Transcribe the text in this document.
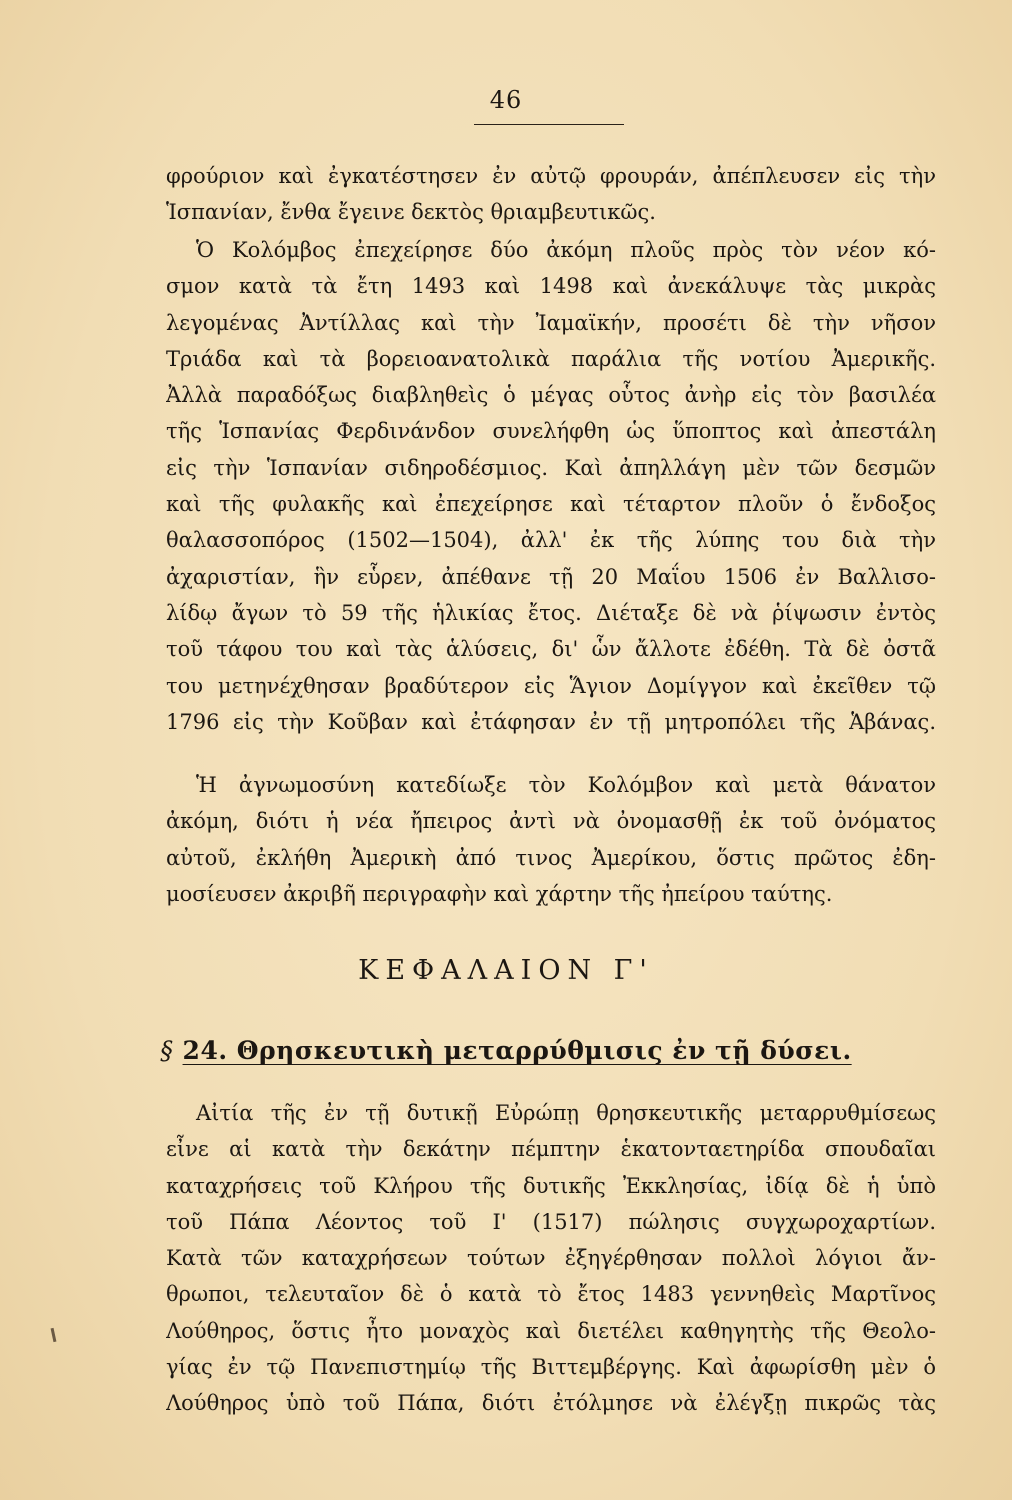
46
φρούριον καὶ ἐγκατέστησεν ἐν αὐτῷ φρουράν, ἀπέπλευσεν εἰς τὴν
Ἱσπανίαν, ἔνθα ἔγεινε δεκτὸς θριαμβευτικῶς.
Ὁ Κολόμβος ἐπεχείρησε δύο ἀκόμη πλοῦς πρὸς τὸν νέον κό-
σμον κατὰ τὰ ἔτη 1493 καὶ 1498 καὶ ἀνεκάλυψε τὰς μικρὰς
λεγομένας Ἀντίλλας καὶ τὴν Ἰαμαϊκήν, προσέτι δὲ τὴν νῆσον
Τριάδα καὶ τὰ βορειοανατολικὰ παράλια τῆς νοτίου Ἀμερικῆς.
Ἀλλὰ παραδόξως διαβληθεὶς ὁ μέγας οὗτος ἀνὴρ εἰς τὸν βασιλέα
τῆς Ἱσπανίας Φερδινάνδον συνελήφθη ὡς ὕποπτος καὶ ἀπεστάλη
εἰς τὴν Ἱσπανίαν σιδηροδέσμιος. Καὶ ἀπηλλάγη μὲν τῶν δεσμῶν
καὶ τῆς φυλακῆς καὶ ἐπεχείρησε καὶ τέταρτον πλοῦν ὁ ἔνδοξος
θαλασσοπόρος (1502—1504), ἀλλ' ἐκ τῆς λύπης του διὰ τὴν
ἀχαριστίαν, ἣν εὗρεν, ἀπέθανε τῇ 20 Μαΐου 1506 ἐν Βαλλισο-
λίδῳ ἄγων τὸ 59 τῆς ἡλικίας ἔτος. Διέταξε δὲ νὰ ῥίψωσιν ἐντὸς
τοῦ τάφου του καὶ τὰς ἁλύσεις, δι' ὧν ἄλλοτε ἐδέθη. Τὰ δὲ ὀστᾶ
του μετηνέχθησαν βραδύτερον εἰς Ἅγιον Δομίγγον καὶ ἐκεῖθεν τῷ
1796 εἰς τὴν Κοῦβαν καὶ ἐτάφησαν ἐν τῇ μητροπόλει τῆς Ἁβάνας.
Ἡ ἀγνωμοσύνη κατεδίωξε τὸν Κολόμβον καὶ μετὰ θάνατον
ἀκόμη, διότι ἡ νέα ἤπειρος ἀντὶ νὰ ὀνομασθῇ ἐκ τοῦ ὀνόματος
αὐτοῦ, ἐκλήθη Ἀμερικὴ ἀπό τινος Ἀμερίκου, ὅστις πρῶτος ἐδη-
μοσίευσεν ἀκριβῆ περιγραφὴν καὶ χάρτην τῆς ἠπείρου ταύτης.
ΚΕΦΑΛΑΙΟΝ Γ'
§ 24. Θρησκευτικὴ μεταρρύθμισις ἐν τῇ δύσει.
Αἰτία τῆς ἐν τῇ δυτικῇ Εὐρώπῃ θρησκευτικῆς μεταρρυθμίσεως
εἶνε αἱ κατὰ τὴν δεκάτην πέμπτην ἑκατονταετηρίδα σπουδαῖαι
καταχρήσεις τοῦ Κλήρου τῆς δυτικῆς Ἐκκλησίας, ἰδίᾳ δὲ ἡ ὑπὸ
τοῦ Πάπα Λέοντος τοῦ Ι' (1517) πώλησις συγχωροχαρτίων.
Κατὰ τῶν καταχρήσεων τούτων ἐξηγέρθησαν πολλοὶ λόγιοι ἄν-
θρωποι, τελευταῖον δὲ ὁ κατὰ τὸ ἔτος 1483 γεννηθεὶς Μαρτῖνος
Λούθηρος, ὅστις ἦτο μοναχὸς καὶ διετέλει καθηγητὴς τῆς Θεολο-
γίας ἐν τῷ Πανεπιστημίῳ τῆς Βιττεμβέργης. Καὶ ἀφωρίσθη μὲν ὁ
Λούθηρος ὑπὸ τοῦ Πάπα, διότι ἐτόλμησε νὰ ἐλέγξῃ πικρῶς τὰς
